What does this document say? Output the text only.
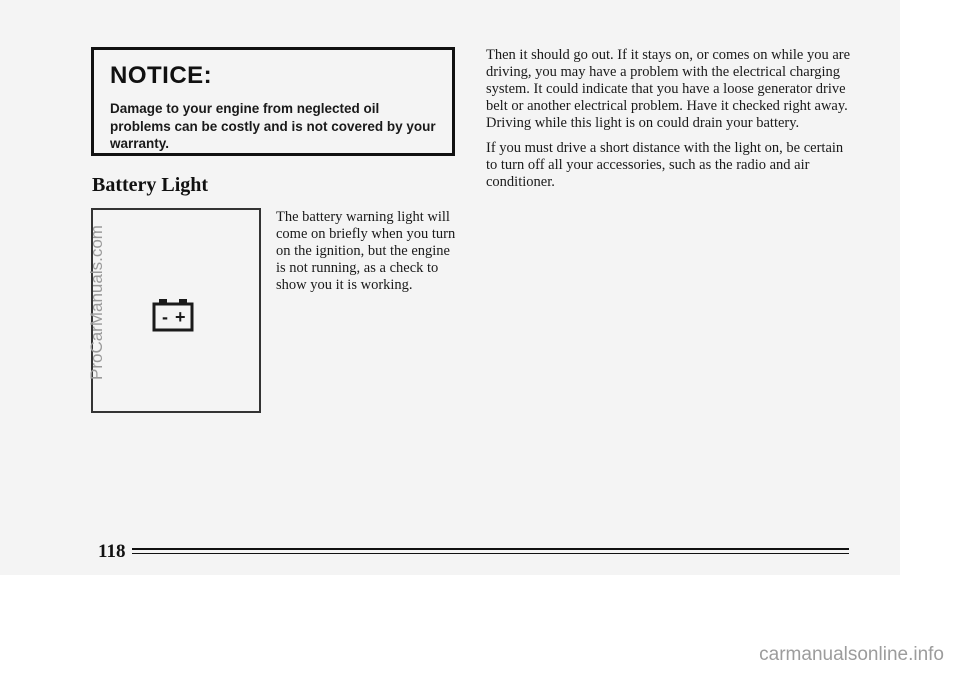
NOTICE:

Damage to your engine from neglected oil problems can be costly and is not covered by your warranty.

Battery Light
- +

The battery warning light will come on briefly when you turn on the ignition, but the engine is not running, as a check to show you it is working.

Then it should go out. If it stays on, or comes on while you are driving, you may have a problem with the electrical charging system. It could indicate that you have a loose generator drive belt or another electrical problem. Have it checked right away. Driving while this light is on could drain your battery.

If you must drive a short distance with the light on, be certain to turn off all your accessories, such as the radio and air conditioner.

118

ProCarManuals.com

carmanualsonline.info
